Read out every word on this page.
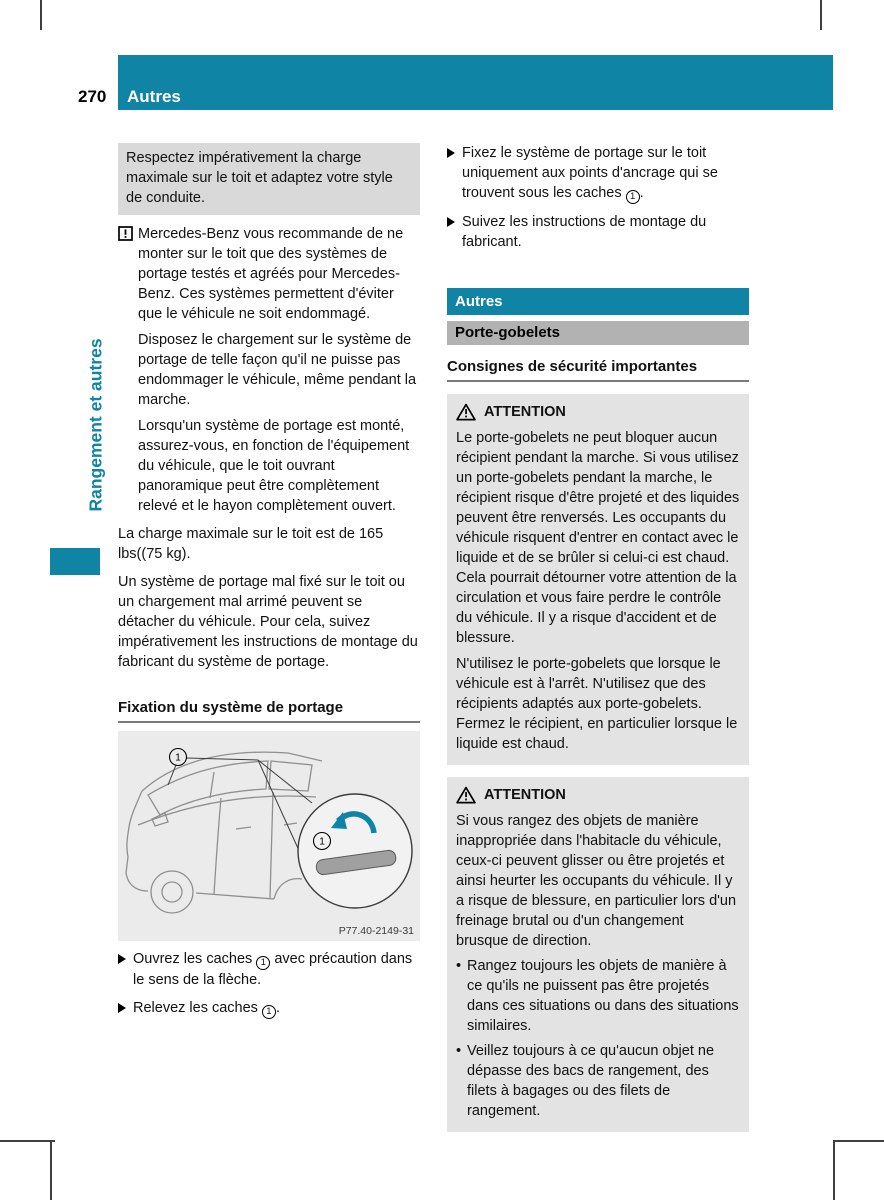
Autres
270
Rangement et autres

Respectez impérativement la charge maximale sur le toit et adaptez votre style de conduite.

Mercedes-Benz vous recommande de ne monter sur le toit que des systèmes de portage testés et agréés pour Mercedes-Benz. Ces systèmes permettent d'éviter que le véhicule ne soit endommagé.

Disposez le chargement sur le système de portage de telle façon qu'il ne puisse pas endommager le véhicule, même pendant la marche.

Lorsqu'un système de portage est monté, assurez-vous, en fonction de l'équipement du véhicule, que le toit ouvrant panoramique peut être complètement relevé et le hayon complètement ouvert.

La charge maximale sur le toit est de 165 lbs((75 kg).

Un système de portage mal fixé sur le toit ou un chargement mal arrimé peuvent se détacher du véhicule. Pour cela, suivez impérativement les instructions de montage du fabricant du système de portage.

Fixation du système de portage
1
1
P77.40-2149-31

Ouvrez les caches 1 avec précaution dans le sens de la flèche.

Relevez les caches 1 .

Fixez le système de portage sur le toit uniquement aux points d'ancrage qui se trouvent sous les caches 1 .

Suivez les instructions de montage du fabricant.

Autres
Porte-gobelets
Consignes de sécurité importantes
ATTENTION

Le porte-gobelets ne peut bloquer aucun récipient pendant la marche. Si vous utilisez un porte-gobelets pendant la marche, le récipient risque d'être projeté et des liquides peuvent être renversés. Les occupants du véhicule risquent d'entrer en contact avec le liquide et de se brûler si celui-ci est chaud. Cela pourrait détourner votre attention de la circulation et vous faire perdre le contrôle du véhicule. Il y a risque d'accident et de blessure.

N'utilisez le porte-gobelets que lorsque le véhicule est à l'arrêt. N'utilisez que des récipients adaptés aux porte-gobelets. Fermez le récipient, en particulier lorsque le liquide est chaud.

ATTENTION

Si vous rangez des objets de manière inappropriée dans l'habitacle du véhicule, ceux-ci peuvent glisser ou être projetés et ainsi heurter les occupants du véhicule. Il y a risque de blessure, en particulier lors d'un freinage brutal ou d'un changement brusque de direction.

•

Rangez toujours les objets de manière à ce qu'ils ne puissent pas être projetés dans ces situations ou dans des situations similaires.

•

Veillez toujours à ce qu'aucun objet ne dépasse des bacs de rangement, des filets à bagages ou des filets de rangement.
